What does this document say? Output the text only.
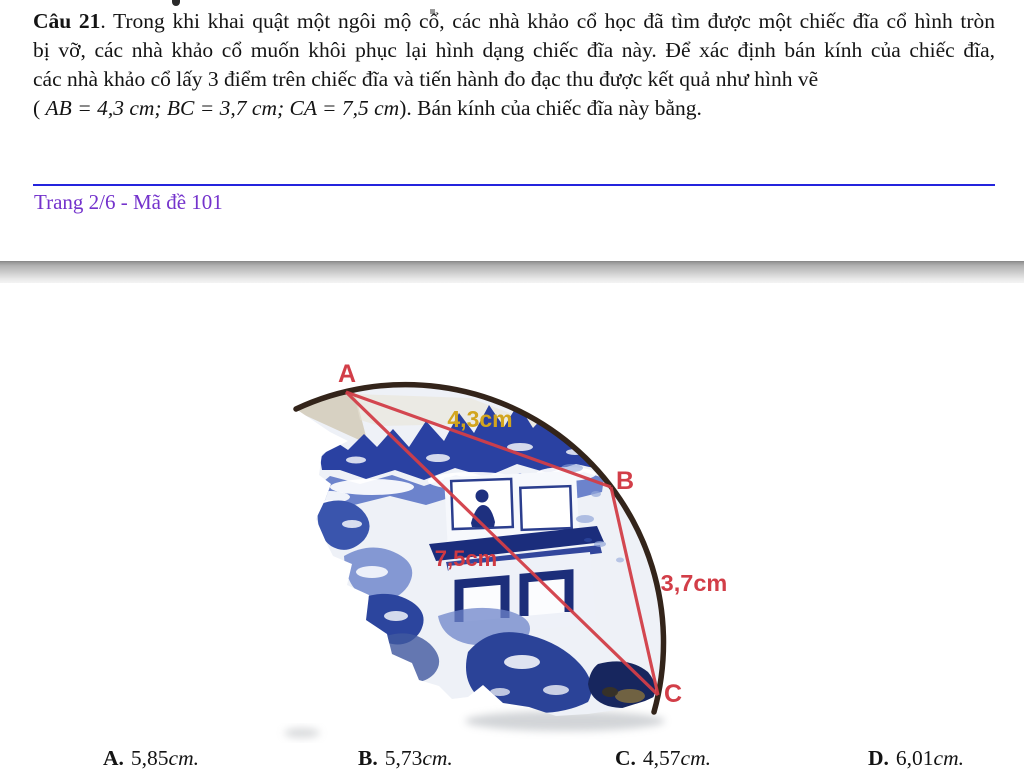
Câu 21. Trong khi khai quật một ngôi mộ cổ, các nhà khảo cổ học đã tìm được một chiếc đĩa cổ hình tròn
bị vỡ, các nhà khảo cổ muốn khôi phục lại hình dạng chiếc đĩa này. Để xác định bán kính của chiếc đĩa,
các nhà khảo cổ lấy 3 điểm trên chiếc đĩa và tiến hành đo đạc thu được kết quả như hình vẽ
( AB = 4,3 cm; BC = 3,7 cm; CA = 7,5 cm). Bán kính của chiếc đĩa này bằng.
Trang 2/6 - Mã đề 101
A
B
C
4,3cm
7,5cm
3,7cm
A. 5,85cm.	B. 5,73cm.	C. 4,57cm.	D. 6,01cm.
